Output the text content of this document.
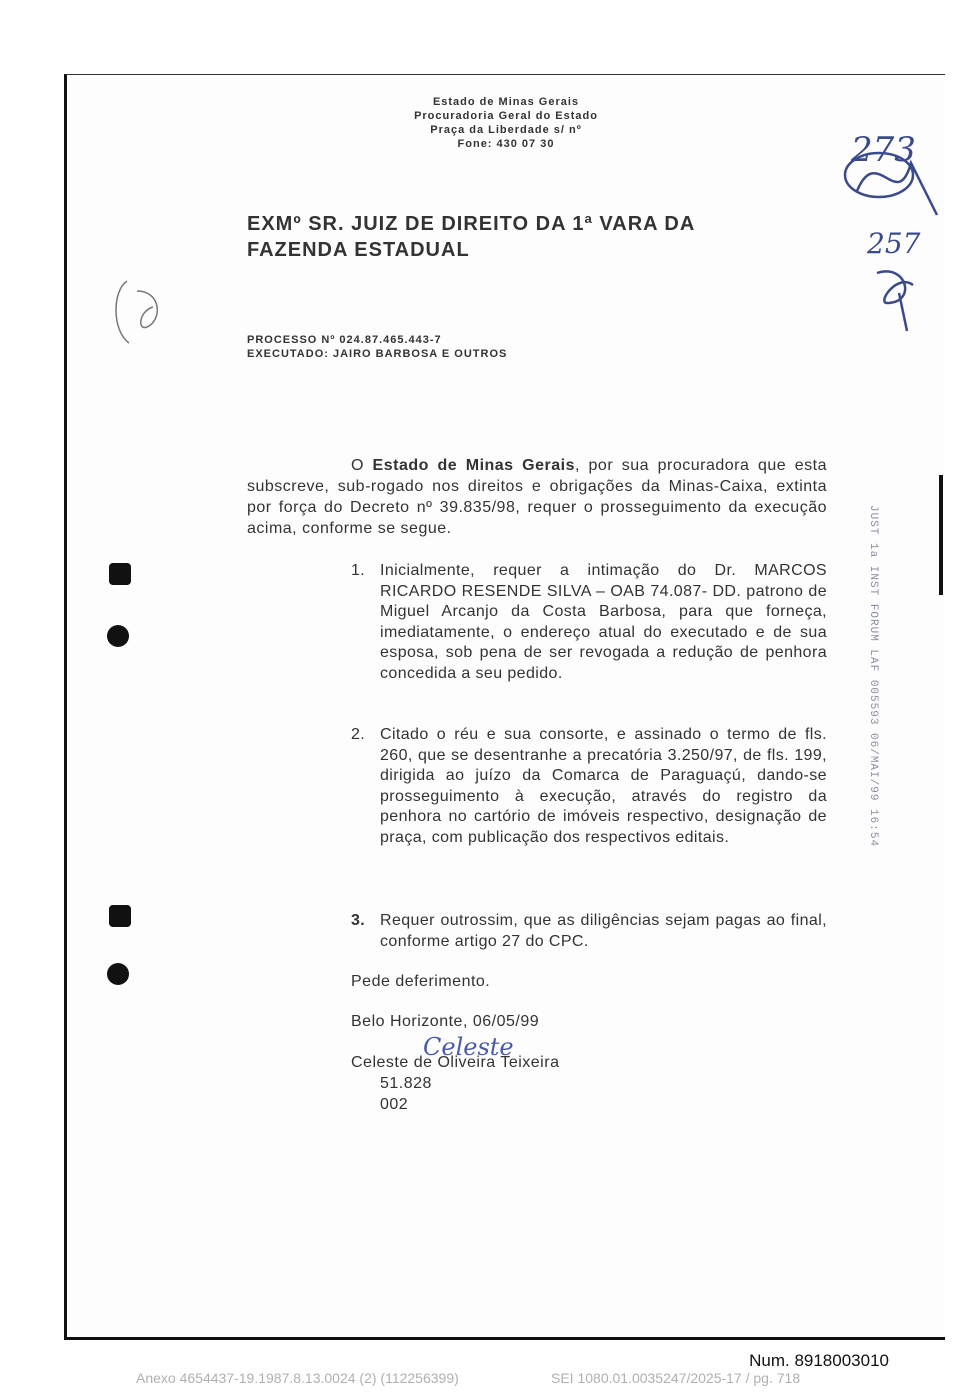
Estado de Minas Gerais
Procuradoria Geral do Estado
Praça da Liberdade s/ nº
Fone: 430 07 30	273
257
EXMº SR. JUIZ DE DIREITO DA 1ª VARA DA
FAZENDA ESTADUAL
PROCESSO Nº 024.87.465.443-7
EXECUTADO: JAIRO BARBOSA E OUTROS
O Estado de Minas Gerais, por sua procuradora que esta subscreve, sub-rogado nos direitos e obrigações da Minas-Caixa, extinta por força do Decreto nº 39.835/98, requer o prosseguimento da execução acima, conforme se segue.
1. Inicialmente, requer a intimação do Dr. MARCOS RICARDO RESENDE SILVA – OAB 74.087- DD. patrono de Miguel Arcanjo da Costa Barbosa, para que forneça, imediatamente, o endereço atual do executado e de sua esposa, sob pena de ser revogada a redução de penhora concedida a seu pedido.
2. Citado o réu e sua consorte, e assinado o termo de fls. 260, que se desentranhe a precatória 3.250/97, de fls. 199, dirigida ao juízo da Comarca de Paraguaçú, dando-se prosseguimento à execução, através do registro da penhora no cartório de imóveis respectivo, designação de praça, com publicação dos respectivos editais.
3. Requer outrossim, que as diligências sejam pagas ao final, conforme artigo 27 do CPC.
Pede deferimento.
Belo Horizonte, 06/05/99
Celeste
Celeste de Oliveira Teixeira
51.828
002
JUST 1a INST FORUM LAF 005593 06/MAI/99 16:54
Num. 8918003010
Anexo 4654437-19.1987.8.13.0024 (2) (112256399)	SEI 1080.01.0035247/2025-17 / pg. 718
